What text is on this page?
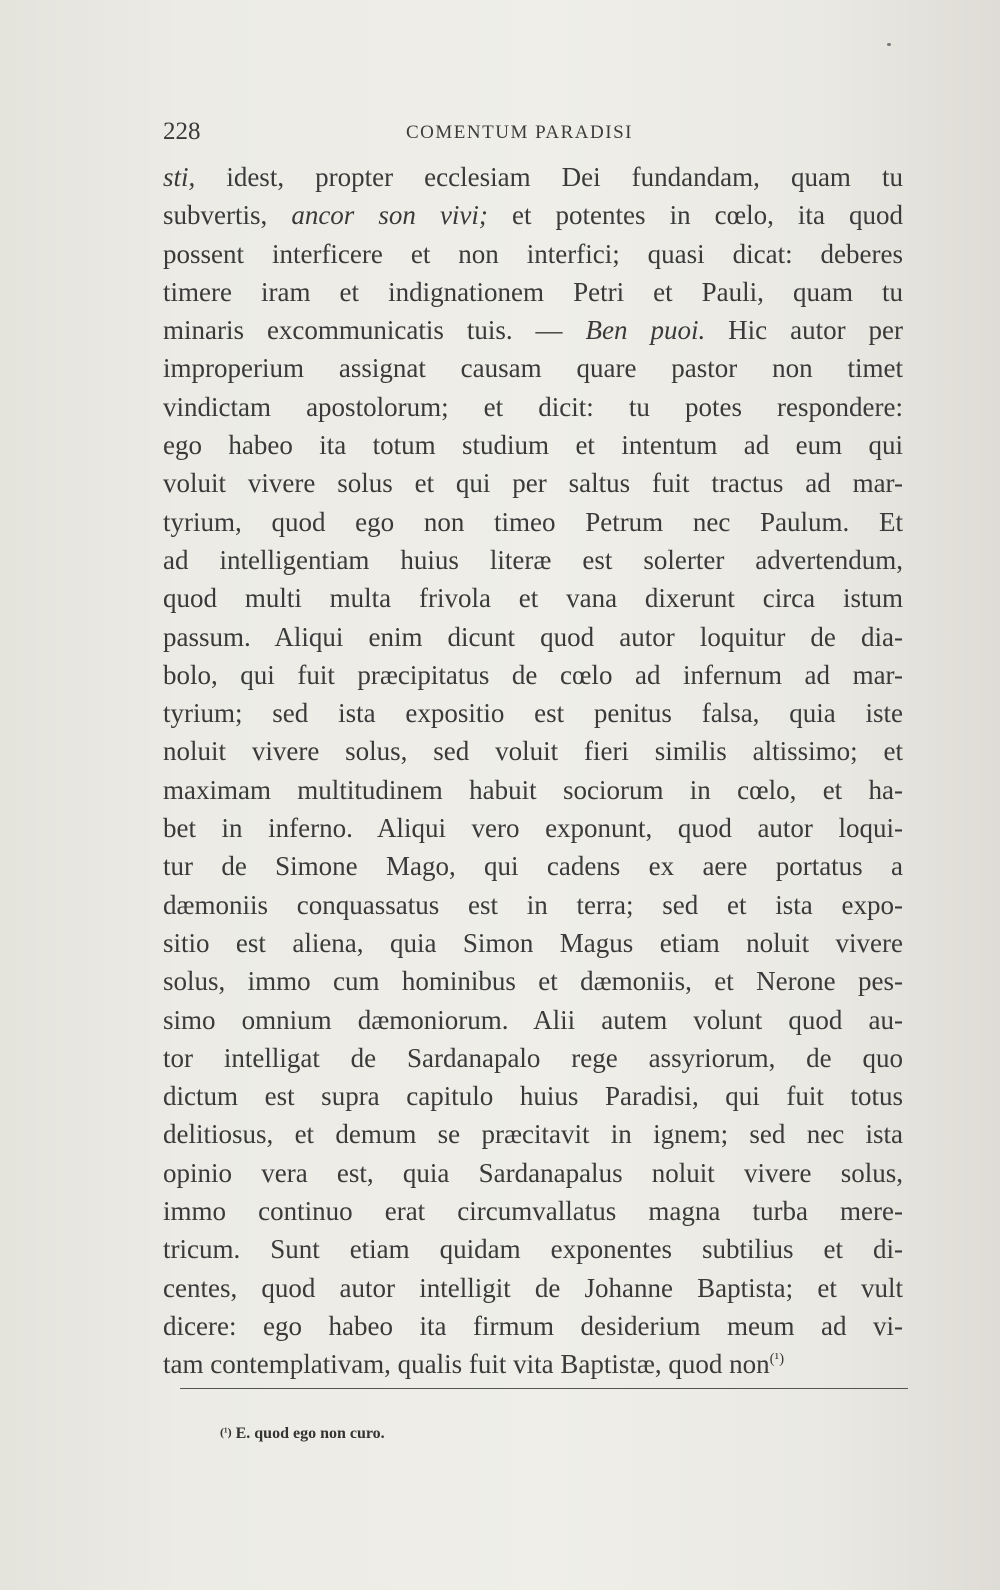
228	COMENTUM PARADISI
sti, idest, propter ecclesiam Dei fundandam, quam tu
subvertis, ancor son vivi; et potentes in cœlo, ita quod
possent interficere et non interfici; quasi dicat: deberes
timere iram et indignationem Petri et Pauli, quam tu
minaris excommunicatis tuis. — Ben puoi. Hic autor per
improperium assignat causam quare pastor non timet
vindictam apostolorum; et dicit: tu potes respondere:
ego habeo ita totum studium et intentum ad eum qui
voluit vivere solus et qui per saltus fuit tractus ad mar-
tyrium, quod ego non timeo Petrum nec Paulum. Et
ad intelligentiam huius literæ est solerter advertendum,
quod multi multa frivola et vana dixerunt circa istum
passum. Aliqui enim dicunt quod autor loquitur de dia-
bolo, qui fuit præcipitatus de cœlo ad infernum ad mar-
tyrium; sed ista expositio est penitus falsa, quia iste
noluit vivere solus, sed voluit fieri similis altissimo; et
maximam multitudinem habuit sociorum in cœlo, et ha-
bet in inferno. Aliqui vero exponunt, quod autor loqui-
tur de Simone Mago, qui cadens ex aere portatus a
dæmoniis conquassatus est in terra; sed et ista expo-
sitio est aliena, quia Simon Magus etiam noluit vivere
solus, immo cum hominibus et dæmoniis, et Nerone pes-
simo omnium dæmoniorum. Alii autem volunt quod au-
tor intelligat de Sardanapalo rege assyriorum, de quo
dictum est supra capitulo huius Paradisi, qui fuit totus
delitiosus, et demum se præcitavit in ignem; sed nec ista
opinio vera est, quia Sardanapalus noluit vivere solus,
immo continuo erat circumvallatus magna turba mere-
tricum. Sunt etiam quidam exponentes subtilius et di-
centes, quod autor intelligit de Johanne Baptista; et vult
dicere: ego habeo ita firmum desiderium meum ad vi-
tam contemplativam, qualis fuit vita Baptistæ, quod non$^{(^1)}$
(¹) E. quod ego non curo.
